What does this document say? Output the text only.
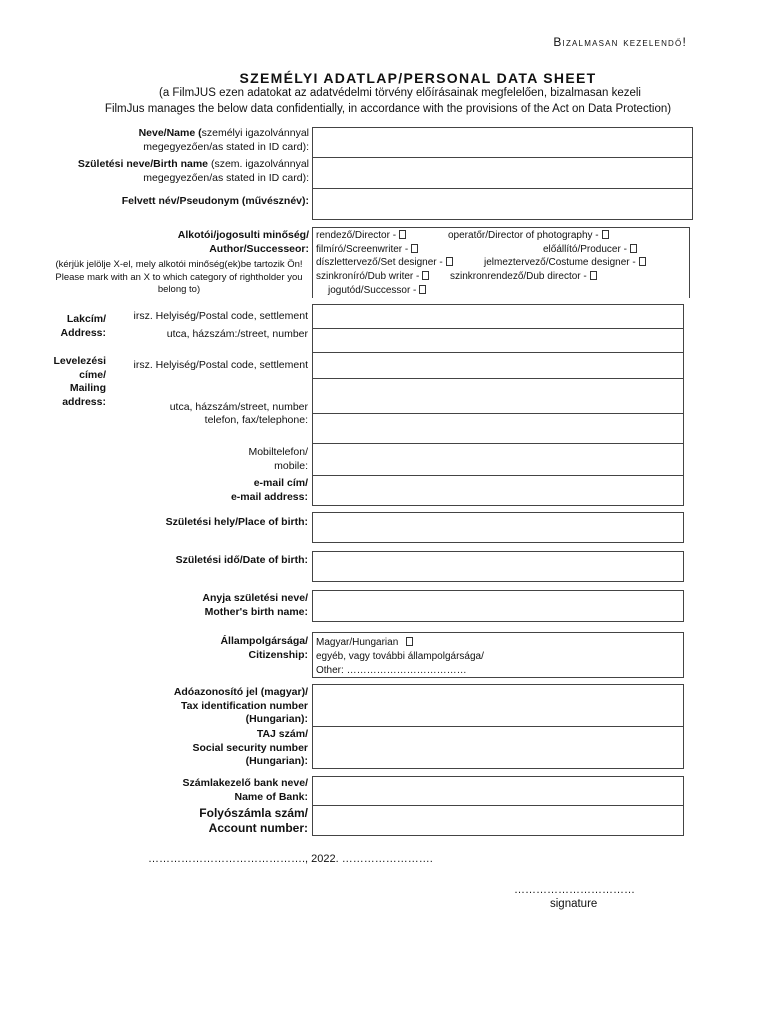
Bizalmasan kezelendő!
SZEMÉLYI ADATLAP/PERSONAL DATA SHEET
(a FilmJUS ezen adatokat az adatvédelmi törvény előírásainak megfelelően, bizalmasan kezeli
FilmJus manages the below data confidentially, in accordance with the provisions of the Act on Data Protection)
Neve/Name (személyi igazolvánnyal
megegyezően/as stated in ID card):
Születési neve/Birth name (szem. igazolvánnyal
megegyezően/as stated in ID card):
Felvett név/Pseudonym (művésznév):
Alkotói/jogosulti minőség/
Author/Successeor:
(kérjük jelölje X-el, mely alkotói minőség(ek)be tartozik Ön!
Please mark with an X to which category of rightholder you
belong to)
rendező/Director -	operatőr/Director of photography -
filmíró/Screenwriter -	előállító/Producer -
díszlettervező/Set designer -	jelmeztervező/Costume designer -
szinkroníró/Dub writer -	szinkronrendező/Dub director -
jogutód/Successor -
Lakcím/
Address:
irsz. Helyiség/Postal code, settlement
utca, házszám:/street, number
Levelezési
címe/
Mailing
address:
irsz. Helyiség/Postal code, settlement
utca, házszám/street, number
telefon, fax/telephone:
Mobiltelefon/
mobile:
e-mail cím/
e-mail address:
Születési hely/Place of birth:
Születési idő/Date of birth:
Anyja születési neve/
Mother's birth name:
Állampolgársága/
Citizenship:
Magyar/Hungarian
egyéb, vagy további állampolgársága/
Other: ………………………………
Adóazonosító jel (magyar)/
Tax identification number
(Hungarian):
TAJ szám/
Social security number
(Hungarian):
Számlakezelő bank neve/
Name of Bank:
Folyószámla szám/
Account number:
……………………………………., 2022. …………………….
……………………………
signature
